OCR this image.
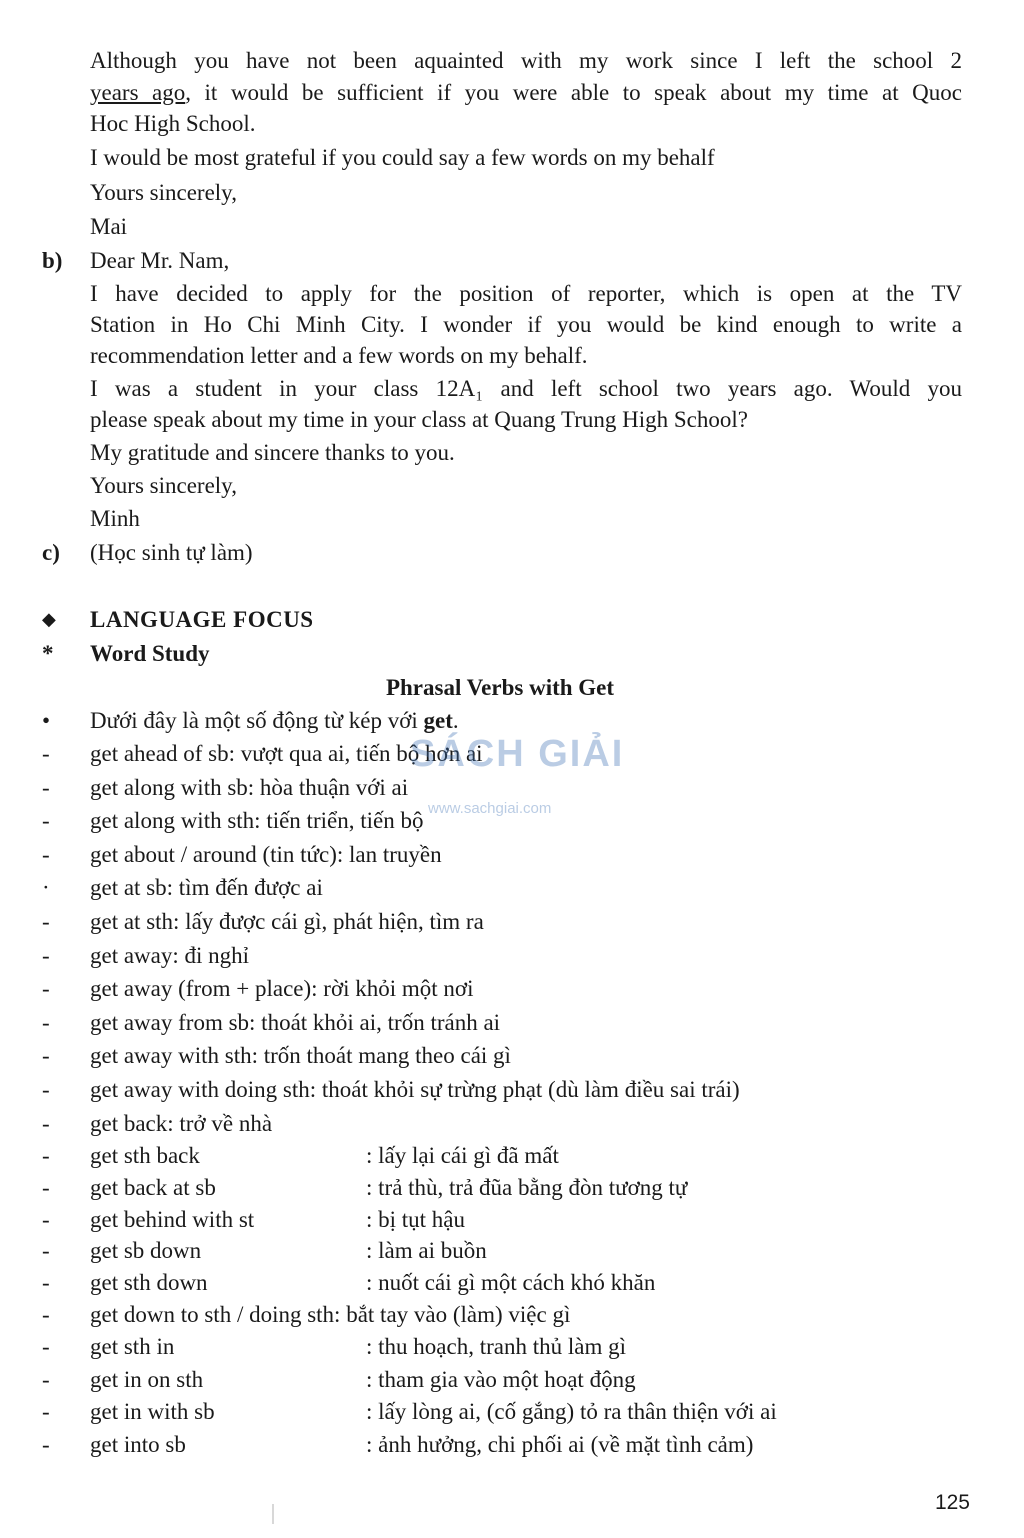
Although you have not been aquainted with my work since I left the school 2
years ago, it would be sufficient if you were able to speak about my time at Quoc
Hoc High School.
I would be most grateful if you could say a few words on my behalf
Yours sincerely,
Mai
b)	Dear Mr. Nam,
I have decided to apply for the position of reporter, which is open at the TV
Station in Ho Chi Minh City. I wonder if you would be kind enough to write a
recommendation letter and a few words on my behalf.
I was a student in your class 12A₁ and left school two years ago. Would you
please speak about my time in your class at Quang Trung High School?
My gratitude and sincere thanks to you.
Yours sincerely,
Minh
c)	(Học sinh tự làm)
◆	LANGUAGE FOCUS
*	Word Study
Phrasal Verbs with Get
•	Dưới đây là một số động từ kép với get.
-	get ahead of sb: vượt qua ai, tiến bộ hơn ai
-	get along with sb: hòa thuận với ai
-	get along with sth: tiến triển, tiến bộ
-	get about / around (tin tức): lan truyền
·	get at sb: tìm đến được ai
-	get at sth: lấy được cái gì, phát hiện, tìm ra
-	get away: đi nghỉ
-	get away (from + place): rời khỏi một nơi
-	get away from sb: thoát khỏi ai, trốn tránh ai
-	get away with sth: trốn thoát mang theo cái gì
-	get away with doing sth: thoát khỏi sự trừng phạt (dù làm điều sai trái)
-	get back: trở về nhà
-	get sth back	: lấy lại cái gì đã mất
-	get back at sb	: trả thù, trả đũa bằng đòn tương tự
-	get behind with st	: bị tụt hậu
-	get sb down	: làm ai buồn
-	get sth down	: nuốt cái gì một cách khó khăn
-	get down to sth / doing sth: bắt tay vào (làm) việc gì
-	get sth in	: thu hoạch, tranh thủ làm gì
-	get in on sth	: tham gia vào một hoạt động
-	get in with sb	: lấy lòng ai, (cố gắng) tỏ ra thân thiện với ai
-	get into sb	: ảnh hưởng, chi phối ai (về mặt tình cảm)
SÁCH GIẢI
www.sachgiai.com
125
